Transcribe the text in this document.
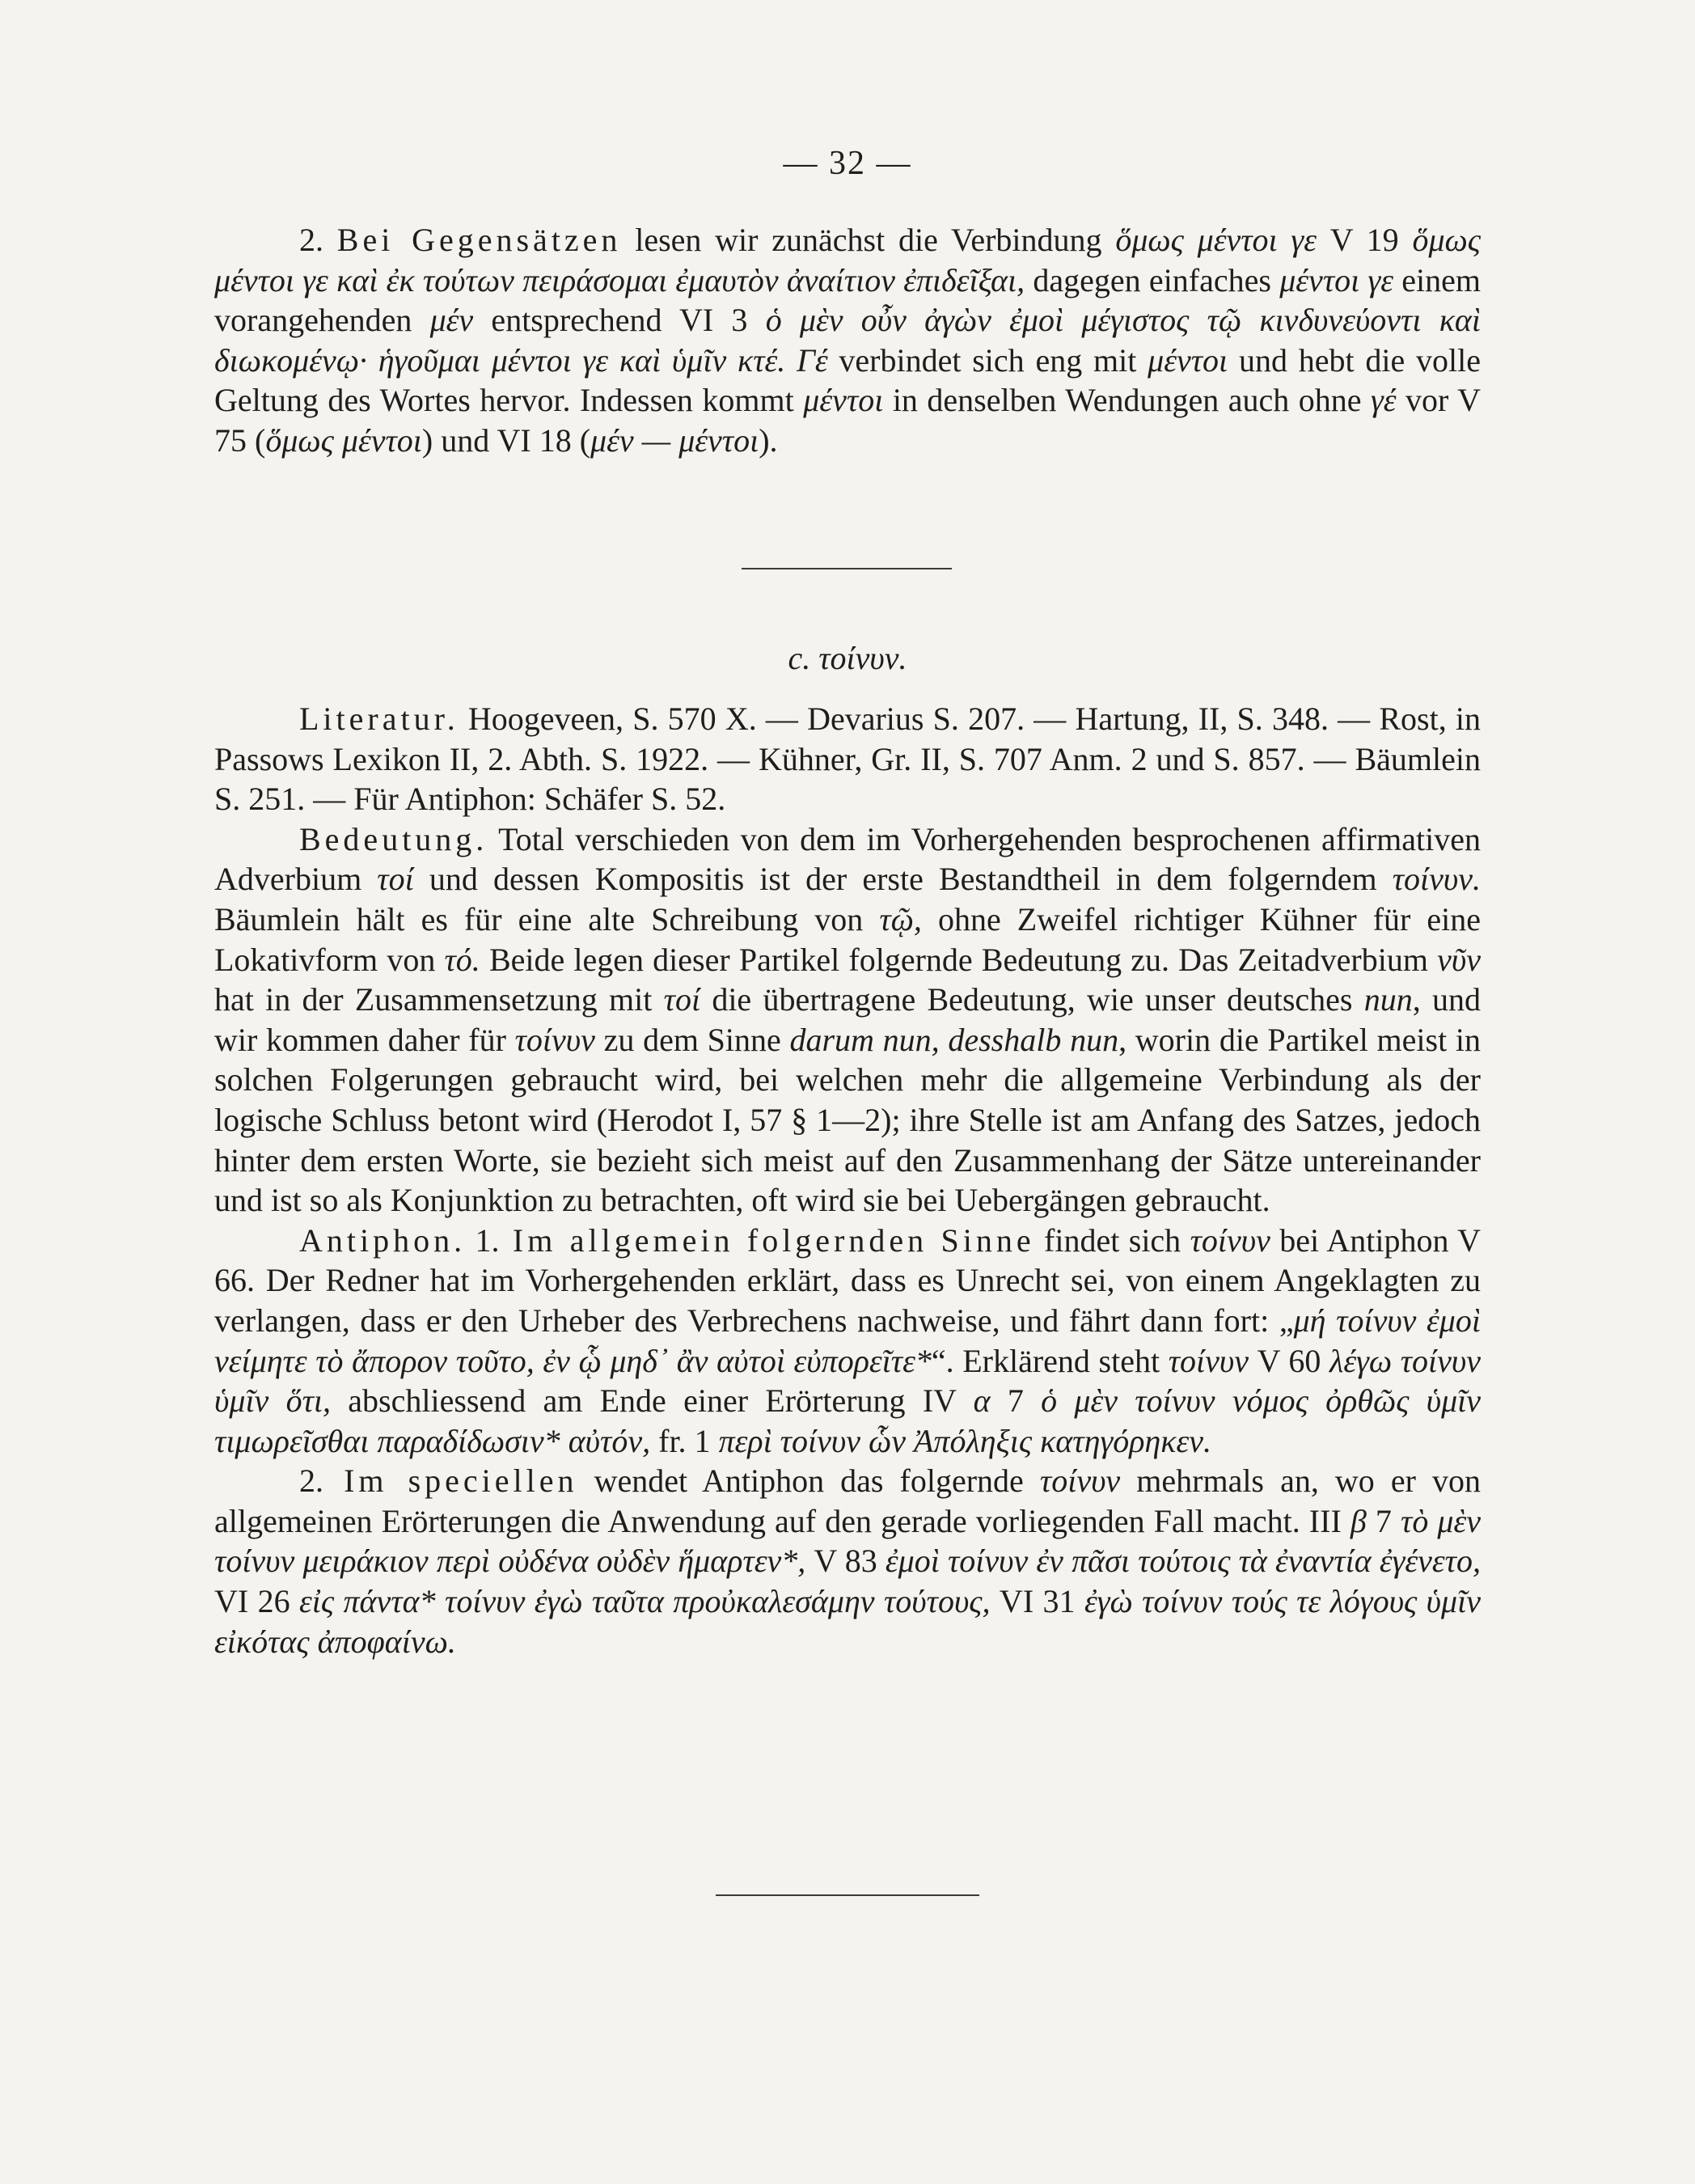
— 32 —

2. Bei Gegensätzen lesen wir zunächst die Verbindung ὅμως μέντοι γε V 19 ὅμως μέντοι γε καὶ ἐκ τούτων πειράσομαι ἐμαυτὸν ἀναίτιον ἐπιδεῖξαι, dagegen einfaches μέντοι γε einem vorangehenden μέν entsprechend VI 3 ὁ μὲν οὖν ἀγὼν ἐμοὶ μέγιστος τῷ κινδυνεύοντι καὶ διωκομένῳ· ἡγοῦμαι μέντοι γε καὶ ὑμῖν κτέ. Γέ verbindet sich eng mit μέντοι und hebt die volle Geltung des Wortes hervor. Indessen kommt μέντοι in denselben Wendungen auch ohne γέ vor V 75 (ὅμως μέντοι) und VI 18 (μέν — μέντοι).

c. τοίνυν.

Literatur. Hoogeveen, S. 570 X. — Devarius S. 207. — Hartung, II, S. 348. — Rost, in Passows Lexikon II, 2. Abth. S. 1922. — Kühner, Gr. II, S. 707 Anm. 2 und S. 857. — Bäumlein S. 251. — Für Antiphon: Schäfer S. 52.

Bedeutung. Total verschieden von dem im Vorhergehenden besprochenen affirmativen Adverbium τοί und dessen Kompositis ist der erste Bestandtheil in dem folgerndem τοίνυν. Bäumlein hält es für eine alte Schreibung von τῷ, ohne Zweifel richtiger Kühner für eine Lokativform von τό. Beide legen dieser Partikel folgernde Bedeutung zu. Das Zeitadverbium νῦν hat in der Zusammensetzung mit τοί die übertragene Bedeutung, wie unser deutsches nun, und wir kommen daher für τοίνυν zu dem Sinne darum nun, desshalb nun, worin die Partikel meist in solchen Folgerungen gebraucht wird, bei welchen mehr die allgemeine Verbindung als der logische Schluss betont wird (Herodot I, 57 § 1—2); ihre Stelle ist am Anfang des Satzes, jedoch hinter dem ersten Worte, sie bezieht sich meist auf den Zusammenhang der Sätze untereinander und ist so als Konjunktion zu betrachten, oft wird sie bei Uebergängen gebraucht.

Antiphon. 1. Im allgemein folgernden Sinne findet sich τοίνυν bei Antiphon V 66. Der Redner hat im Vorhergehenden erklärt, dass es Unrecht sei, von einem Angeklagten zu verlangen, dass er den Urheber des Verbrechens nachweise, und fährt dann fort: „μή τοίνυν ἐμοὶ νείμητε τὸ ἄπορον τοῦτο, ἐν ᾧ μηδ᾽ ἂν αὐτοὶ εὐπορεῖτε*“. Erklärend steht τοίνυν V 60 λέγω τοίνυν ὑμῖν ὅτι, abschliessend am Ende einer Erörterung IV α 7 ὁ μὲν τοίνυν νόμος ὀρθῶς ὑμῖν τιμωρεῖσθαι παραδίδωσιν* αὐτόν, fr. 1 περὶ τοίνυν ὧν Ἀπόληξις κατηγόρηκεν.

2. Im speciellen wendet Antiphon das folgernde τοίνυν mehrmals an, wo er von allgemeinen Erörterungen die Anwendung auf den gerade vorliegenden Fall macht. III β 7 τὸ μὲν τοίνυν μειράκιον περὶ οὐδένα οὐδὲν ἥμαρτεν*, V 83 ἐμοὶ τοίνυν ἐν πᾶσι τούτοις τὰ ἐναντία ἐγένετο, VI 26 εἰς πάντα* τοίνυν ἐγὼ ταῦτα προὐκαλεσάμην τούτους, VI 31 ἐγὼ τοίνυν τούς τε λόγους ὑμῖν εἰκότας ἀποφαίνω.
